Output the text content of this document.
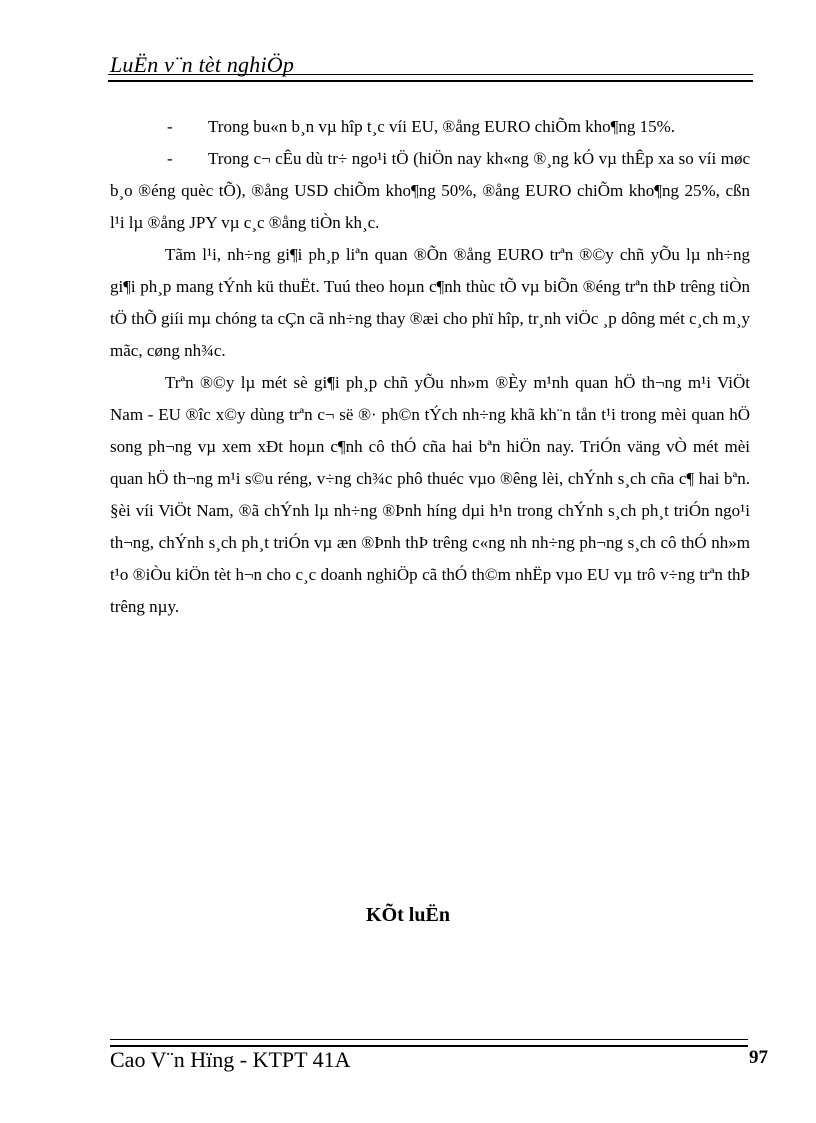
LuËn v¨n tèt nghiÖp

- Trong bu«n b¸n vµ hîp t¸c víi EU, ®ång EURO chiÕm kho¶ng 15%.

- Trong c¬ cÊu dù tr÷ ngo¹i tÖ (hiÖn nay kh«ng ®¸ng kÓ vµ thÊp xa so víi møc b¸o ®éng quèc tÕ), ®ång USD chiÕm kho¶ng 50%, ®ång EURO chiÕm kho¶ng 25%, cßn l¹i lµ ®ång JPY vµ c¸c ®ång tiÒn kh¸c.

Tãm l¹i, nh÷ng gi¶i ph¸p liªn quan ®Õn ®ång EURO trªn ®©y chñ yÕu lµ nh÷ng gi¶i ph¸p mang tÝnh kü thuËt. Tuú theo hoµn c¶nh thùc tÕ vµ biÕn ®éng trªn thÞ trêng tiÒn tÖ thÕ giíi mµ chóng ta cÇn cã nh÷ng thay ®æi cho phï hîp, tr¸nh viÖc ¸p dông mét c¸ch m¸y mãc, cøng nh¾c.

Trªn ®©y lµ mét sè gi¶i ph¸p chñ yÕu nh»m ®Èy m¹nh quan hÖ th¬ng m¹i ViÖt Nam - EU ®îc x©y dùng trªn c¬ së ®· ph©n tÝch nh÷ng khã kh¨n tån t¹i trong mèi quan hÖ song ph¬ng vµ xem xÐt hoµn c¶nh cô thÓ cña hai bªn hiÖn nay. TriÓn väng vÒ mét mèi quan hÖ th¬ng m¹i s©u réng, v÷ng ch¾c phô thuéc vµo ®êng lèi, chÝnh s¸ch cña c¶ hai bªn. §èi víi ViÖt Nam, ®ã chÝnh lµ nh÷ng ®Þnh híng dµi h¹n trong chÝnh s¸ch ph¸t triÓn ngo¹i th¬ng, chÝnh s¸ch ph¸t triÓn vµ æn ®Þnh thÞ trêng c«ng nh nh÷ng ph¬ng s¸ch cô thÓ nh»m t¹o ®iÒu kiÖn tèt h¬n cho c¸c doanh nghiÖp cã thÓ th©m nhËp vµo EU vµ trô v÷ng trªn thÞ trêng nµy.

KÕt luËn
Cao V¨n Hïng - KTPT 41A	97
